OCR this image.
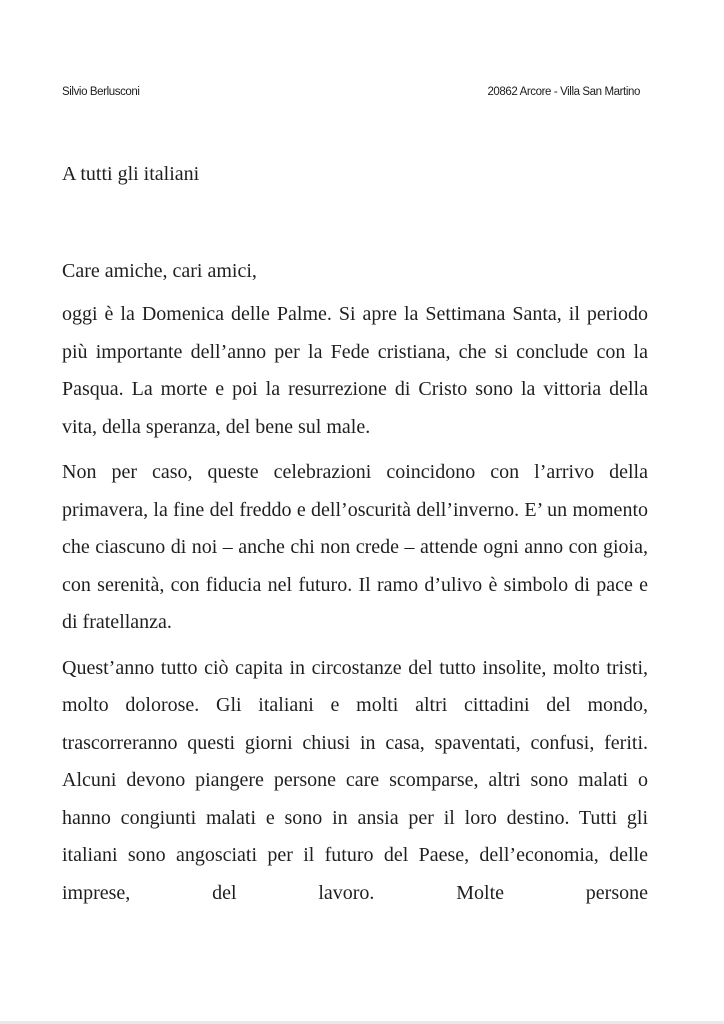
Silvio Berlusconi	20862 Arcore - Villa San Martino
A tutti gli italiani

Care amiche, cari amici,

oggi è la Domenica delle Palme. Si apre la Settimana Santa, il periodo più importante dell’anno per la Fede cristiana, che si conclude con la Pasqua. La morte e poi la resurrezione di Cristo sono la vittoria della vita, della speranza, del bene sul male.

Non per caso, queste celebrazioni coincidono con l’arrivo della primavera, la fine del freddo e dell’oscurità dell’inverno. E’ un momento che ciascuno di noi – anche chi non crede – attende ogni anno con gioia, con serenità, con fiducia nel futuro. Il ramo d’ulivo è simbolo di pace e di fratellanza.

Quest’anno tutto ciò capita in circostanze del tutto insolite, molto tristi, molto dolorose. Gli italiani e molti altri cittadini del mondo, trascorreranno questi giorni chiusi in casa, spaventati, confusi, feriti. Alcuni devono piangere persone care scomparse, altri sono malati o hanno congiunti malati e sono in ansia per il loro destino. Tutti gli italiani sono angosciati per il futuro del Paese, dell’economia, delle imprese, del lavoro. Molte persone
